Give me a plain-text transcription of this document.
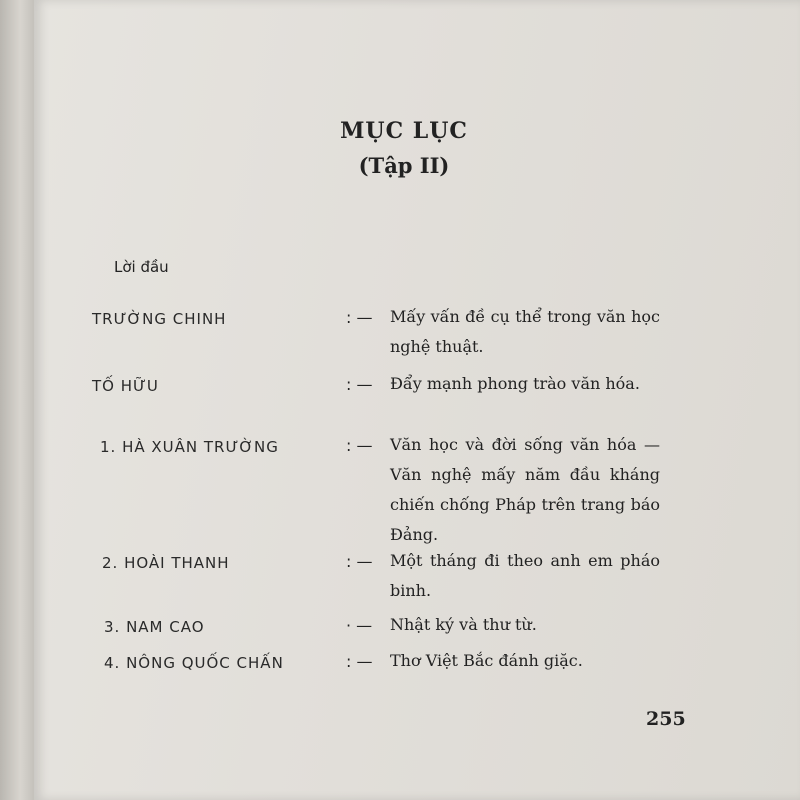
MỤC LỤC
(Tập II)
Lời đầu
TRƯỜNG CHINH	: — Mấy vấn đề cụ thể trong văn học nghệ thuật.
TỐ HỮU	: — Đẩy mạnh phong trào văn hóa.
1. HÀ XUÂN TRƯỜNG	: — Văn học và đời sống văn hóa — Văn nghệ mấy năm đầu kháng chiến chống Pháp trên trang báo Đảng.
2. HOÀI THANH	: — Một tháng đi theo anh em pháo binh.
3. NAM CAO	· — Nhật ký và thư từ.
4. NÔNG QUỐC CHẤN	: — Thơ Việt Bắc đánh giặc.
255
